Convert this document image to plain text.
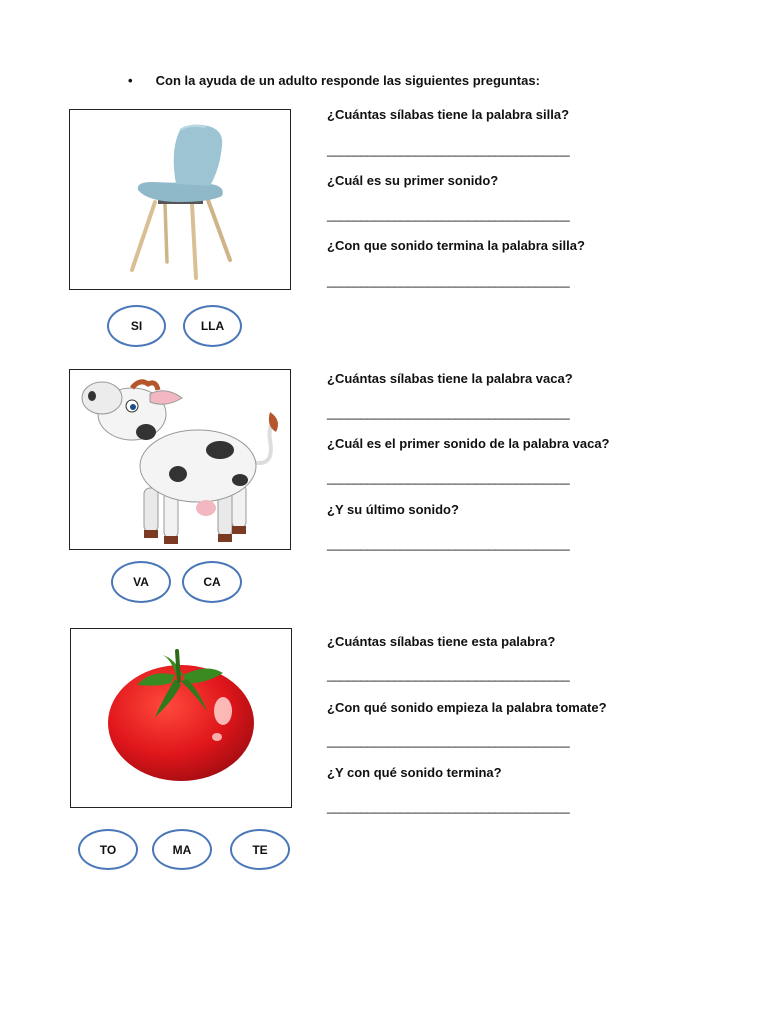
• Con la ayuda de un adulto responde las siguientes preguntas:
¿Cuántas sílabas tiene la palabra silla?
____________________________________
¿Cuál es su primer sonido?
____________________________________
¿Con que sonido termina la palabra silla?
____________________________________
SI	LLA
¿Cuántas sílabas tiene la palabra vaca?
____________________________________
¿Cuál es el primer sonido de la palabra vaca?
____________________________________
¿Y su último sonido?
____________________________________
VA	CA
¿Cuántas sílabas tiene esta palabra?
____________________________________
¿Con qué sonido empieza la palabra tomate?
____________________________________
¿Y con qué sonido termina?
____________________________________
TO	MA	TE
